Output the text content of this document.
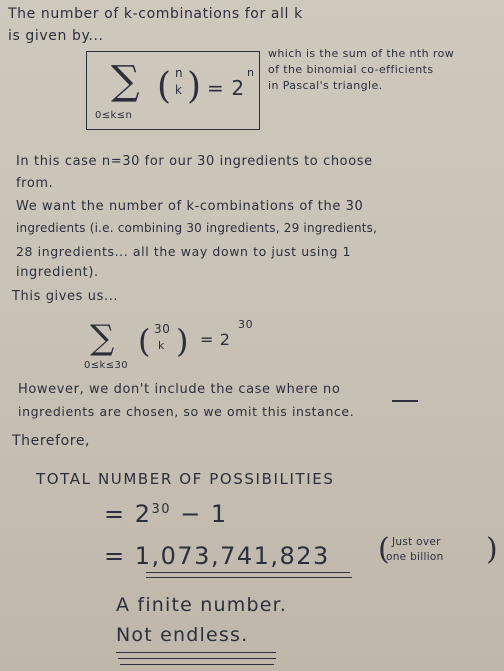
The number of k-combinations for all k
is given by...
∑ ( n
k ) = 2
n
0≤k≤n
which is the sum of the nth row
of the binomial co-efficients
in Pascal's triangle.
In this case n=30 for our 30 ingredients to choose
from.
We want the number of k-combinations of the 30
ingredients (i.e. combining 30 ingredients, 29 ingredients,
28 ingredients... all the way down to just using 1
ingredient).
This gives us...
∑ ( 30
k ) = 2
30
0≤k≤30
However, we don't include the case where no
ingredients are chosen, so we omit this instance.
Therefore,
TOTAL NUMBER OF POSSIBILITIES
= $2^{30} - 1$
= 1,073,741,823	Just over
one billion
(	)
A finite number.
Not endless.
